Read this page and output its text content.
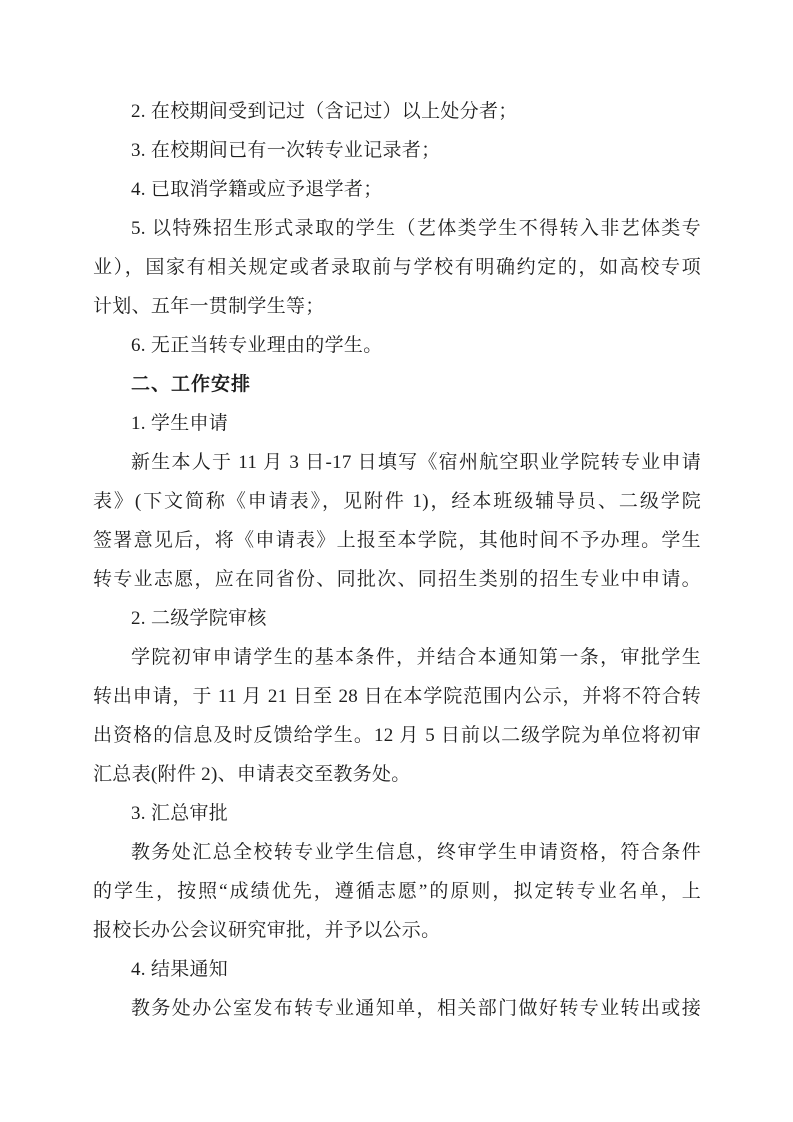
2. 在校期间受到记过（含记过）以上处分者；
3. 在校期间已有一次转专业记录者；
4. 已取消学籍或应予退学者；
5. 以特殊招生形式录取的学生（艺体类学生不得转入非艺体类专
业），国家有相关规定或者录取前与学校有明确约定的，如高校专项
计划、五年一贯制学生等；
6. 无正当转专业理由的学生。
二、工作安排
1. 学生申请
新生本人于 11 月 3 日-17 日填写《宿州航空职业学院转专业申请
表》(下文简称《申请表》，见附件 1)，经本班级辅导员、二级学院
签署意见后，将《申请表》上报至本学院，其他时间不予办理。学生
转专业志愿，应在同省份、同批次、同招生类别的招生专业中申请。
2. 二级学院审核
学院初审申请学生的基本条件，并结合本通知第一条，审批学生
转出申请，于 11 月 21 日至 28 日在本学院范围内公示，并将不符合转
出资格的信息及时反馈给学生。12 月 5 日前以二级学院为单位将初审
汇总表(附件 2)、申请表交至教务处。
3. 汇总审批
教务处汇总全校转专业学生信息，终审学生申请资格，符合条件
的学生，按照“成绩优先，遵循志愿”的原则，拟定转专业名单，上
报校长办公会议研究审批，并予以公示。
4. 结果通知
教务处办公室发布转专业通知单，相关部门做好转专业转出或接
